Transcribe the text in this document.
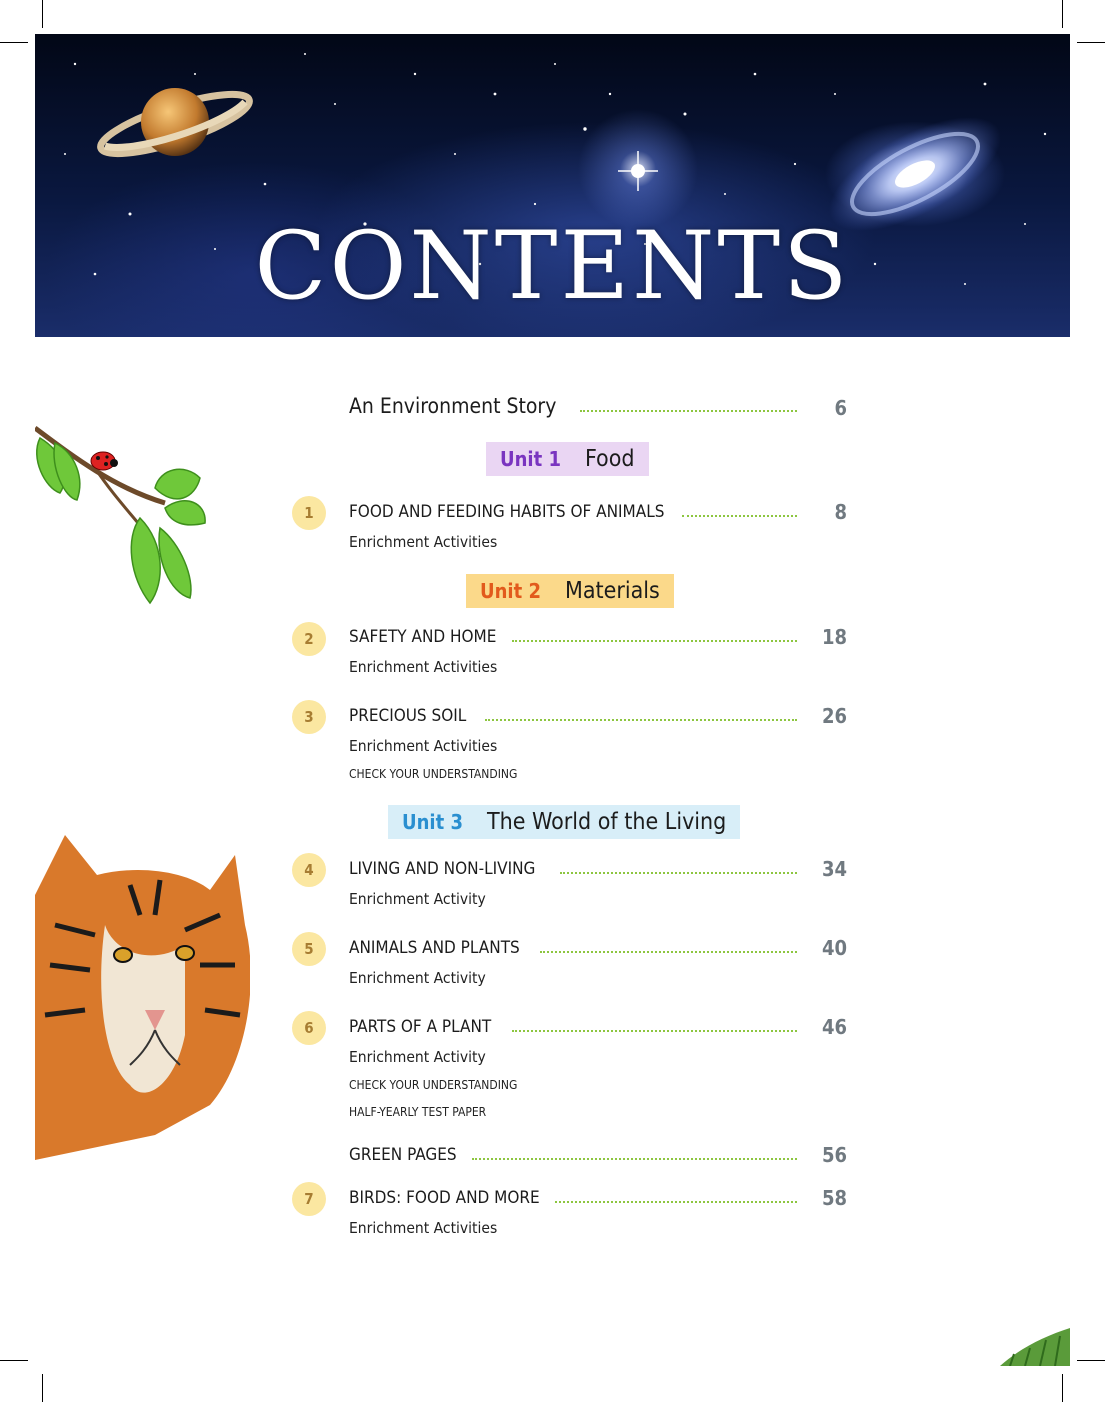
CONTENTS
An Environment Story	6
Unit 1 Food
1	FOOD AND FEEDING HABITS OF ANIMALS	8
Enrichment Activities
Unit 2 Materials
2	SAFETY AND HOME	18
Enrichment Activities
3	PRECIOUS SOIL	26
Enrichment Activities
CHECK YOUR UNDERSTANDING
Unit 3 The World of the Living
4	LIVING AND NON-LIVING	34
Enrichment Activity
5	ANIMALS AND PLANTS	40
Enrichment Activity
6	PARTS OF A PLANT	46
Enrichment Activity
CHECK YOUR UNDERSTANDING
HALF-YEARLY TEST PAPER
GREEN PAGES	56
7	BIRDS: FOOD AND MORE	58
Enrichment Activities
